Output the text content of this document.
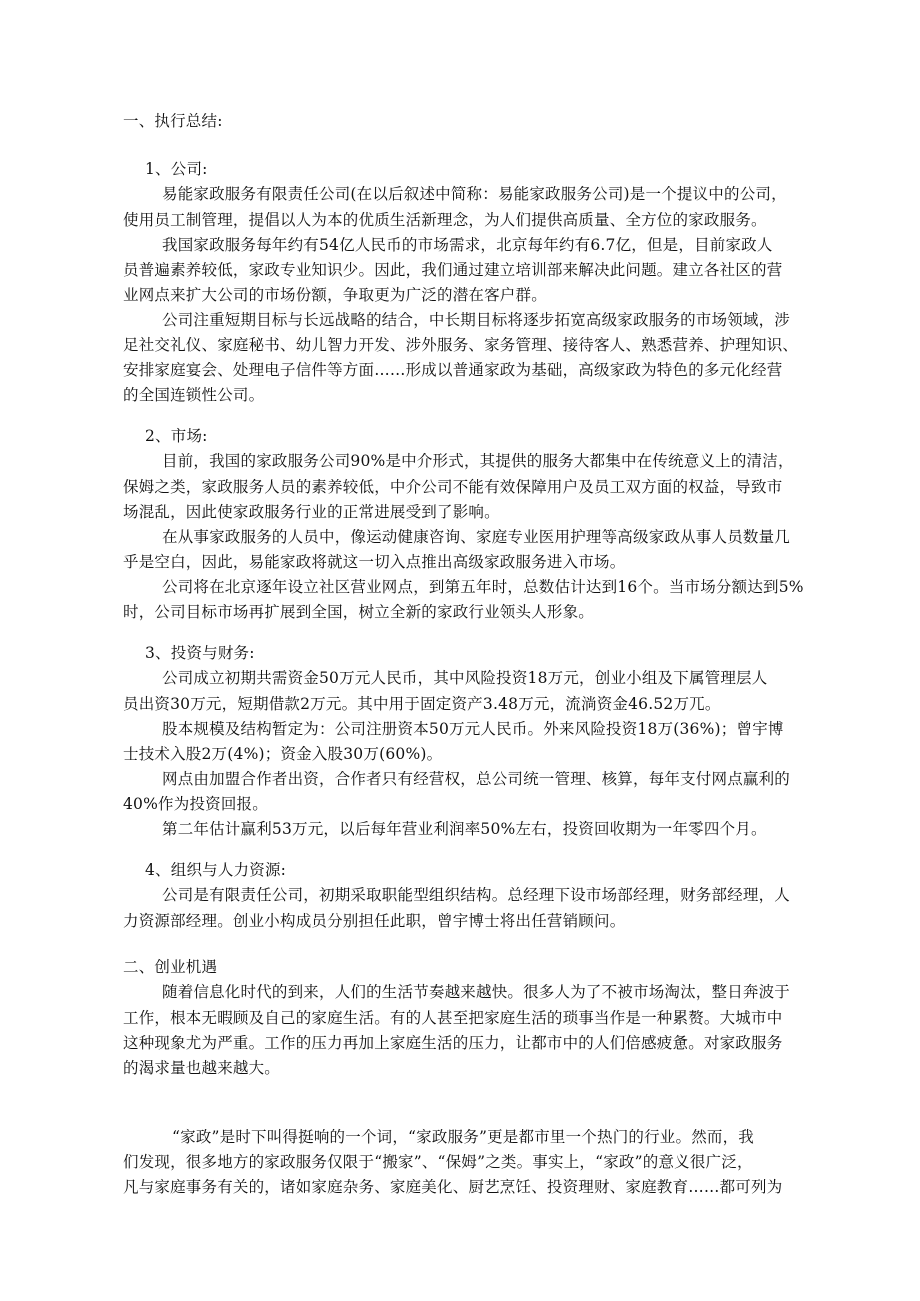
一、执行总结:
1、公司:
易能家政服务有限责任公司(在以后叙述中简称：易能家政服务公司)是一个提议中的公司，
使用员工制管理，提倡以人为本的优质生活新理念，为人们提供高质量、全方位的家政服务。
我国家政服务每年约有54亿人民币的市场需求，北京每年约有6.7亿，但是，目前家政人
员普遍素养较低，家政专业知识少。因此，我们通过建立培训部来解决此问题。建立各社区的营
业网点来扩大公司的市场份额，争取更为广泛的潜在客户群。
公司注重短期目标与长远战略的结合，中长期目标将逐步拓宽高级家政服务的市场领域，涉
足社交礼仪、家庭秘书、幼儿智力开发、涉外服务、家务管理、接待客人、熟悉营养、护理知识、
安排家庭宴会、处理电子信件等方面……形成以普通家政为基础，高级家政为特色的多元化经营
的全国连锁性公司。
2、市场:
目前，我国的家政服务公司90%是中介形式，其提供的服务大都集中在传统意义上的清洁，
保姆之类，家政服务人员的素养较低，中介公司不能有效保障用户及员工双方面的权益，导致市
场混乱，因此使家政服务行业的正常进展受到了影响。
在从事家政服务的人员中，像运动健康咨询、家庭专业医用护理等高级家政从事人员数量几
乎是空白，因此，易能家政将就这一切入点推出高级家政服务进入市场。
公司将在北京逐年设立社区营业网点，到第五年时，总数估计达到16个。当市场分额达到5%
时，公司目标市场再扩展到全国，树立全新的家政行业领头人形象。
3、投资与财务:
公司成立初期共需资金50万元人民币，其中风险投资18万元，创业小组及下属管理层人
员出资30万元，短期借款2万元。其中用于固定资产3.48万元，流淌资金46.52万兀。
股本规模及结构暂定为：公司注册资本50万元人民币。外来风险投资18万(36%)；曾宇博
士技术入股2万(4%)；资金入股30万(60%)。
网点由加盟合作者出资，合作者只有经营权，总公司统一管理、核算，每年支付网点赢利的
40%作为投资回报。
第二年估计赢利53万元，以后每年营业利润率50%左右，投资回收期为一年零四个月。
4、组织与人力资源:
公司是有限责任公司，初期采取职能型组织结构。总经理下设市场部经理，财务部经理，人
力资源部经理。创业小构成员分别担任此职，曾宇博士将出任营销顾问。
二、创业机遇
随着信息化时代的到来，人们的生活节奏越来越快。很多人为了不被市场淘汰，整日奔波于
工作，根本无暇顾及自己的家庭生活。有的人甚至把家庭生活的琐事当作是一种累赘。大城市中
这种现象尤为严重。工作的压力再加上家庭生活的压力，让都市中的人们倍感疲惫。对家政服务
的渴求量也越来越大。
“家政”是时下叫得挺响的一个词，“家政服务”更是都市里一个热门的行业。然而，我
们发现，很多地方的家政服务仅限于“搬家”、“保姆”之类。事实上，“家政”的意义很广泛，
凡与家庭事务有关的，诸如家庭杂务、家庭美化、厨艺烹饪、投资理财、家庭教育……都可列为
